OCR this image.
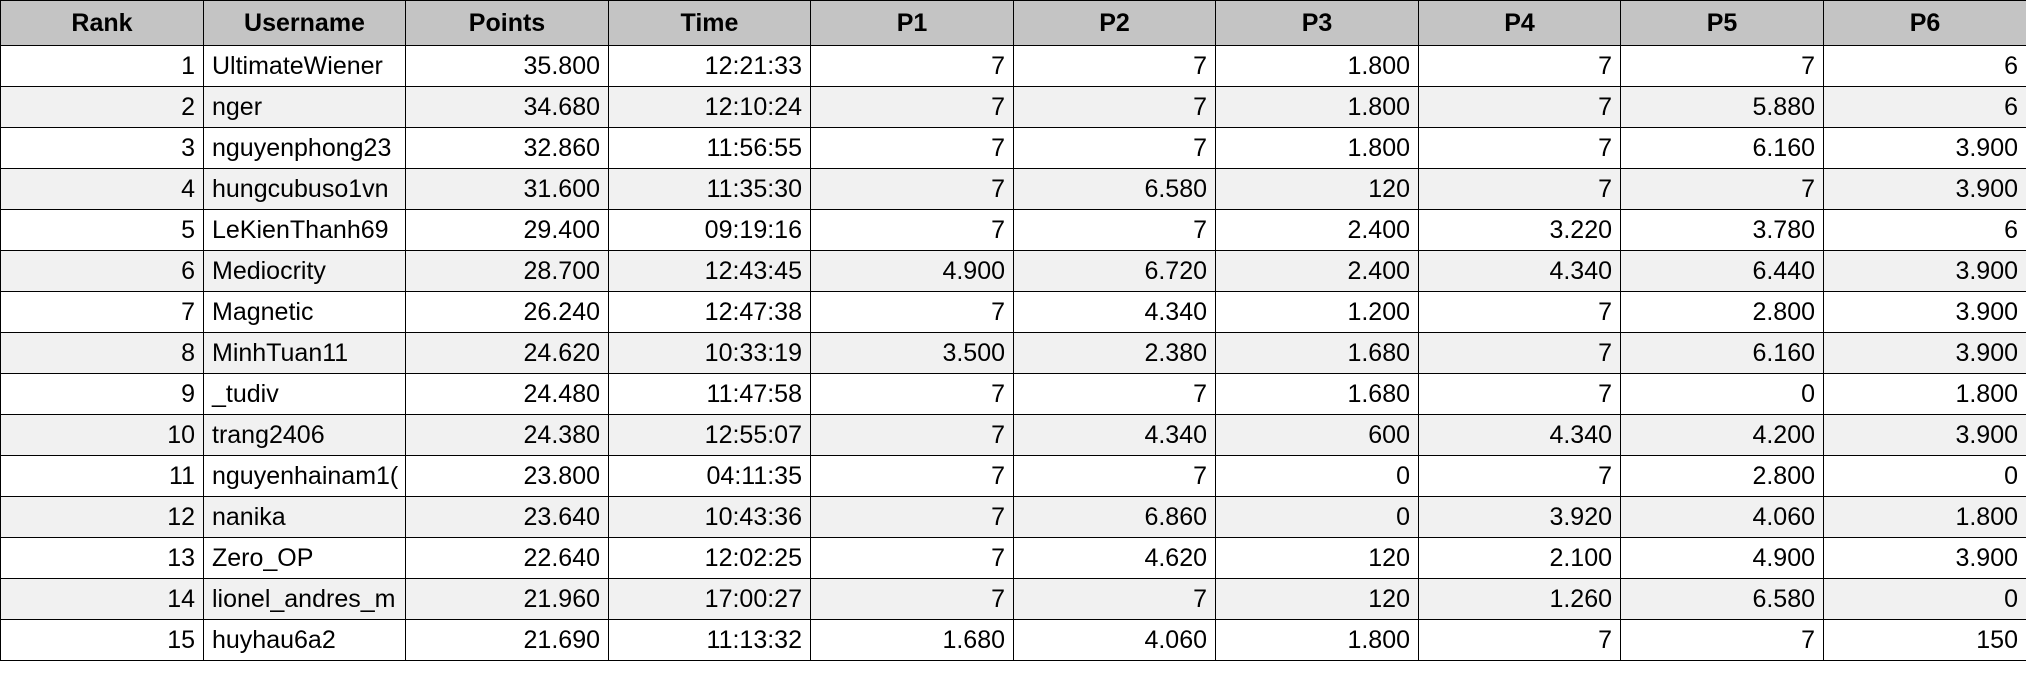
Rank	Username	Points	Time	P1	P2	P3	P4	P5	P6
1	UltimateWiener	35.800	12:21:33	7	7	1.800	7	7	6
2	nger	34.680	12:10:24	7	7	1.800	7	5.880	6
3	nguyenphong23	32.860	11:56:55	7	7	1.800	7	6.160	3.900
4	hungcubuso1vn	31.600	11:35:30	7	6.580	120	7	7	3.900
5	LeKienThanh69	29.400	09:19:16	7	7	2.400	3.220	3.780	6
6	Mediocrity	28.700	12:43:45	4.900	6.720	2.400	4.340	6.440	3.900
7	Magnetic	26.240	12:47:38	7	4.340	1.200	7	2.800	3.900
8	MinhTuan11	24.620	10:33:19	3.500	2.380	1.680	7	6.160	3.900
9	_tudiv	24.480	11:47:58	7	7	1.680	7	0	1.800
10	trang2406	24.380	12:55:07	7	4.340	600	4.340	4.200	3.900
11	nguyenhainam1(	23.800	04:11:35	7	7	0	7	2.800	0
12	nanika	23.640	10:43:36	7	6.860	0	3.920	4.060	1.800
13	Zero_OP	22.640	12:02:25	7	4.620	120	2.100	4.900	3.900
14	lionel_andres_m	21.960	17:00:27	7	7	120	1.260	6.580	0
15	huyhau6a2	21.690	11:13:32	1.680	4.060	1.800	7	7	150
